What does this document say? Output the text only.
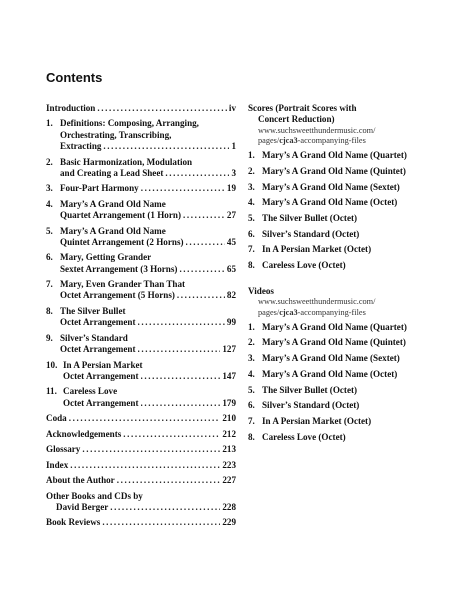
Contents
Introduction .....	iv
1. Definitions: Composing, Arranging,
Orchestrating, Transcribing,
Extracting .....	1
2. Basic Harmonization, Modulation
and Creating a Lead Sheet .....	3
3. Four-Part Harmony .....	19
4. Mary’s A Grand Old Name
Quartet Arrangement (1 Horn) .....	27
5. Mary’s A Grand Old Name
Quintet Arrangement (2 Horns) .....	45
6. Mary, Getting Grander
Sextet Arrangement (3 Horns) .....	65
7. Mary, Even Grander Than That
Octet Arrangement (5 Horns) .....	82
8. The Silver Bullet
Octet Arrangement .....	99
9. Silver’s Standard
Octet Arrangement .....	127
10. In A Persian Market
Octet Arrangement .....	147
11. Careless Love
Octet Arrangement .....	179
Coda .....	210
Acknowledgements .....	212
Glossary .....	213
Index .....	223
About the Author .....	227
Other Books and CDs by
David Berger .....	228
Book Reviews .....	229
Scores (Portrait Scores with
Concert Reduction)
www.suchsweetthundermusic.com/
pages/cjca3-accompanying-files
1. Mary’s A Grand Old Name (Quartet)
2. Mary’s A Grand Old Name (Quintet)
3. Mary’s A Grand Old Name (Sextet)
4. Mary’s A Grand Old Name (Octet)
5. The Silver Bullet (Octet)
6. Silver’s Standard (Octet)
7. In A Persian Market (Octet)
8. Careless Love (Octet)
Videos
www.suchsweetthundermusic.com/
pages/cjca3-accompanying-files
1. Mary’s A Grand Old Name (Quartet)
2. Mary’s A Grand Old Name (Quintet)
3. Mary’s A Grand Old Name (Sextet)
4. Mary’s A Grand Old Name (Octet)
5. The Silver Bullet (Octet)
6. Silver’s Standard (Octet)
7. In A Persian Market (Octet)
8. Careless Love (Octet)
